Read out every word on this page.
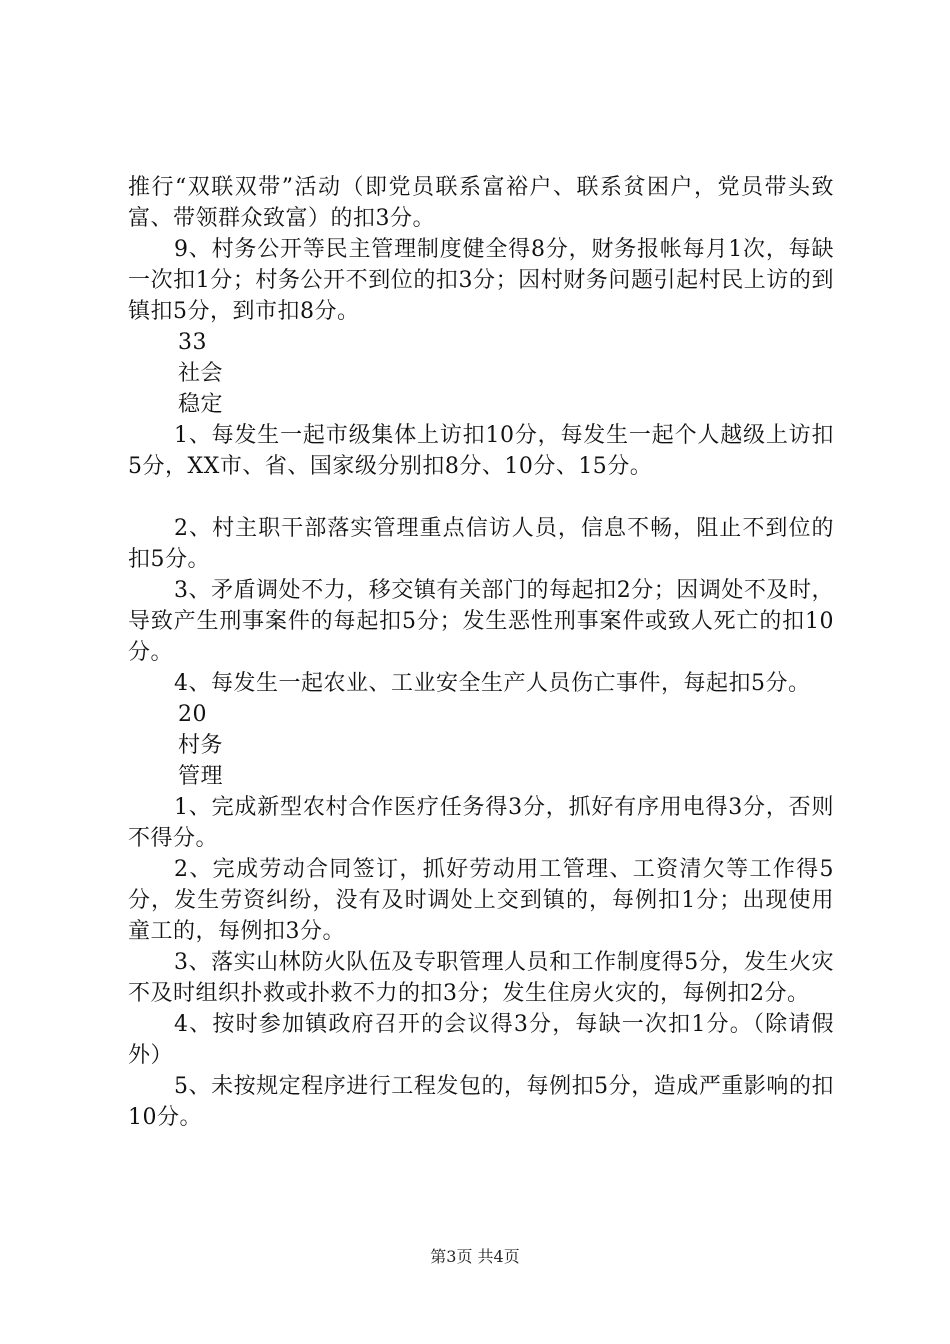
推行“双联双带”活动（即党员联系富裕户、联系贫困户，党员带头致富、带领群众致富）的扣3分。

9、村务公开等民主管理制度健全得8分，财务报帐每月1次，每缺一次扣1分；村务公开不到位的扣3分；因村财务问题引起村民上访的到镇扣5分，到市扣8分。

33

社会

稳定

1、每发生一起市级集体上访扣10分，每发生一起个人越级上访扣5分，XX市、省、国家级分别扣8分、10分、15分。

2、村主职干部落实管理重点信访人员，信息不畅，阻止不到位的扣5分。

3、矛盾调处不力，移交镇有关部门的每起扣2分；因调处不及时，导致产生刑事案件的每起扣5分；发生恶性刑事案件或致人死亡的扣10分。

4、每发生一起农业、工业安全生产人员伤亡事件，每起扣5分。

20

村务

管理

1、完成新型农村合作医疗任务得3分，抓好有序用电得3分，否则不得分。

2、完成劳动合同签订，抓好劳动用工管理、工资清欠等工作得5分，发生劳资纠纷，没有及时调处上交到镇的，每例扣1分；出现使用童工的，每例扣3分。

3、落实山林防火队伍及专职管理人员和工作制度得5分，发生火灾不及时组织扑救或扑救不力的扣3分；发生住房火灾的，每例扣2分。

4、按时参加镇政府召开的会议得3分，每缺一次扣1分。（除请假外）

5、未按规定程序进行工程发包的，每例扣5分，造成严重影响的扣10分。

第3页 共4页
